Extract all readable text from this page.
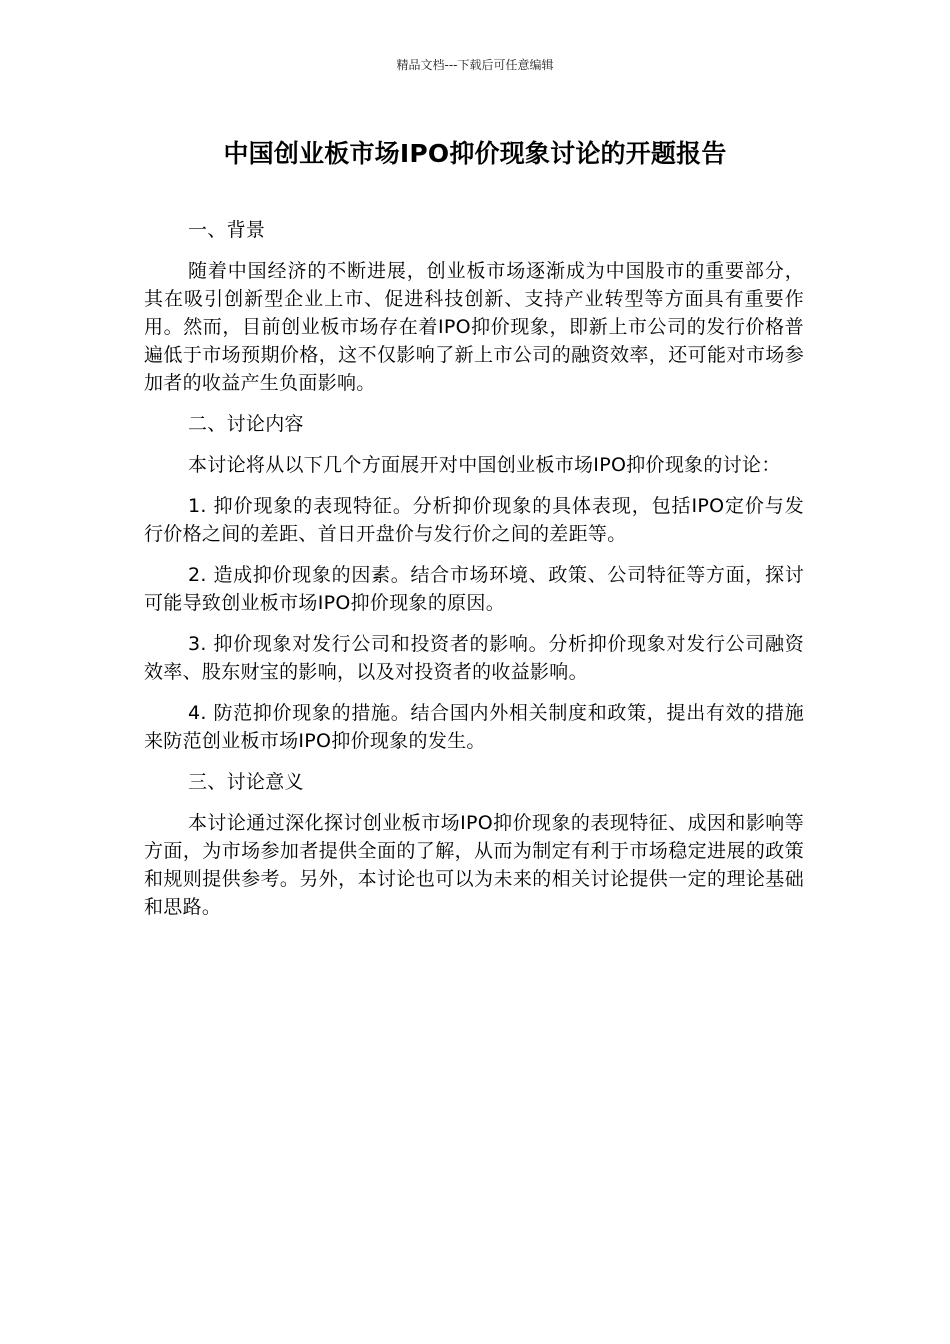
精品文档---下载后可任意编辑
中国创业板市场IPO抑价现象讨论的开题报告
一、背景

随着中国经济的不断进展，创业板市场逐渐成为中国股市的重要部分，其在吸引创新型企业上市、促进科技创新、支持产业转型等方面具有重要作用。然而，目前创业板市场存在着IPO抑价现象，即新上市公司的发行价格普遍低于市场预期价格，这不仅影响了新上市公司的融资效率，还可能对市场参加者的收益产生负面影响。

二、讨论内容

本讨论将从以下几个方面展开对中国创业板市场IPO抑价现象的讨论：

1. 抑价现象的表现特征。分析抑价现象的具体表现，包括IPO定价与发行价格之间的差距、首日开盘价与发行价之间的差距等。

2. 造成抑价现象的因素。结合市场环境、政策、公司特征等方面，探讨可能导致创业板市场IPO抑价现象的原因。

3. 抑价现象对发行公司和投资者的影响。分析抑价现象对发行公司融资效率、股东财宝的影响，以及对投资者的收益影响。

4. 防范抑价现象的措施。结合国内外相关制度和政策，提出有效的措施来防范创业板市场IPO抑价现象的发生。

三、讨论意义

本讨论通过深化探讨创业板市场IPO抑价现象的表现特征、成因和影响等方面，为市场参加者提供全面的了解，从而为制定有利于市场稳定进展的政策和规则提供参考。另外，本讨论也可以为未来的相关讨论提供一定的理论基础和思路。
